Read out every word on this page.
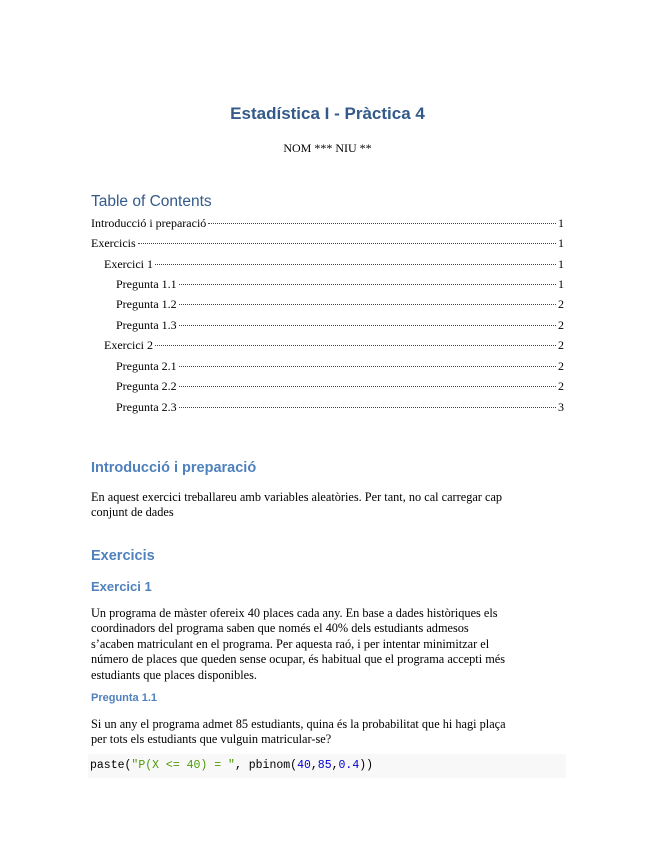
Estadística I - Pràctica 4
NOM *** NIU **
Table of Contents
Introducció i preparació	1
Exercicis	1
Exercici 1	1
Pregunta 1.1	1
Pregunta 1.2	2
Pregunta 1.3	2
Exercici 2	2
Pregunta 2.1	2
Pregunta 2.2	2
Pregunta 2.3	3
Introducció i preparació
En aquest exercici treballareu amb variables aleatòries. Per tant, no cal carregar cap
conjunt de dades
Exercicis
Exercici 1
Un programa de màster ofereix 40 places cada any. En base a dades històriques els
coordinadors del programa saben que només el 40% dels estudiants admesos
s’acaben matriculant en el programa. Per aquesta raó, i per intentar minimitzar el
número de places que queden sense ocupar, és habitual que el programa accepti més
estudiants que places disponibles.
Pregunta 1.1
Si un any el programa admet 85 estudiants, quina és la probabilitat que hi hagi plaça
per tots els estudiants que vulguin matricular-se?
paste("P(X <= 40) = ", pbinom(40,85,0.4))
